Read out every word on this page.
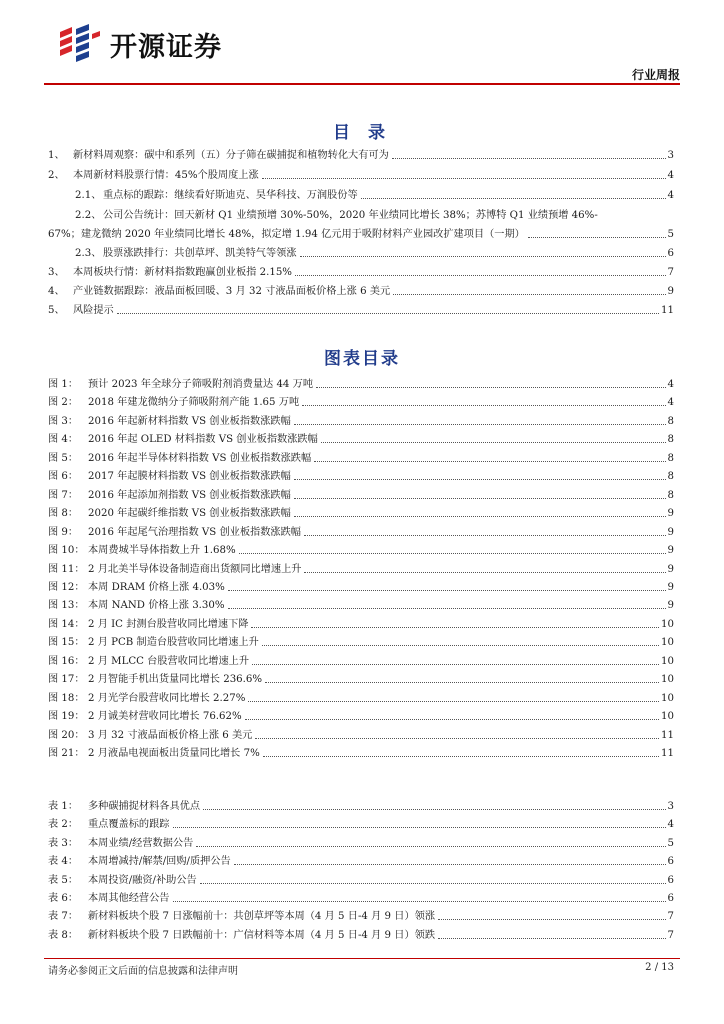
开源证券
行业周报
目 录
1、 新材料周观察：碳中和系列（五）分子筛在碳捕捉和植物转化大有可为	3
2、 本周新材料股票行情：45%个股周度上涨	4
2.1、 重点标的跟踪：继续看好斯迪克、昊华科技、万润股份等	4
2.2、 公司公告统计：回天新材 Q1 业绩预增 30%-50%，2020 年业绩同比增长 38%；苏博特 Q1 业绩预增 46%-
67%；建龙微纳 2020 年业绩同比增长 48%，拟定增 1.94 亿元用于吸附材料产业园改扩建项目（一期）	5
2.3、 股票涨跌排行：共创草坪、凯美特气等领涨	6
3、 本周板块行情：新材料指数跑赢创业板指 2.15%	7
4、 产业链数据跟踪：液晶面板回暖、3 月 32 寸液晶面板价格上涨 6 美元	9
5、 风险提示	11
图表目录
图 1： 预计 2023 年全球分子筛吸附剂消费量达 44 万吨	4
图 2： 2018 年建龙微纳分子筛吸附剂产能 1.65 万吨	4
图 3： 2016 年起新材料指数 VS 创业板指数涨跌幅	8
图 4： 2016 年起 OLED 材料指数 VS 创业板指数涨跌幅	8
图 5： 2016 年起半导体材料指数 VS 创业板指数涨跌幅	8
图 6： 2017 年起膜材料指数 VS 创业板指数涨跌幅	8
图 7： 2016 年起添加剂指数 VS 创业板指数涨跌幅	8
图 8： 2020 年起碳纤维指数 VS 创业板指数涨跌幅	9
图 9： 2016 年起尾气治理指数 VS 创业板指数涨跌幅	9
图 10： 本周费城半导体指数上升 1.68%	9
图 11： 2 月北美半导体设备制造商出货额同比增速上升	9
图 12： 本周 DRAM 价格上涨 4.03%	9
图 13： 本周 NAND 价格上涨 3.30%	9
图 14： 2 月 IC 封测台股营收同比增速下降	10
图 15： 2 月 PCB 制造台股营收同比增速上升	10
图 16： 2 月 MLCC 台股营收同比增速上升	10
图 17： 2 月智能手机出货量同比增长 236.6%	10
图 18： 2 月光学台股营收同比增长 2.27%	10
图 19： 2 月诚美材营收同比增长 76.62%	10
图 20： 3 月 32 寸液晶面板价格上涨 6 美元	11
图 21： 2 月液晶电视面板出货量同比增长 7%	11
表 1： 多种碳捕捉材料各具优点	3
表 2： 重点覆盖标的跟踪	4
表 3： 本周业绩/经营数据公告	5
表 4： 本周增减持/解禁/回购/质押公告	6
表 5： 本周投资/融资/补助公告	6
表 6： 本周其他经营公告	6
表 7： 新材料板块个股 7 日涨幅前十：共创草坪等本周（4 月 5 日-4 月 9 日）领涨	7
表 8： 新材料板块个股 7 日跌幅前十：广信材料等本周（4 月 5 日-4 月 9 日）领跌	7
请务必参阅正文后面的信息披露和法律声明	2 / 13
